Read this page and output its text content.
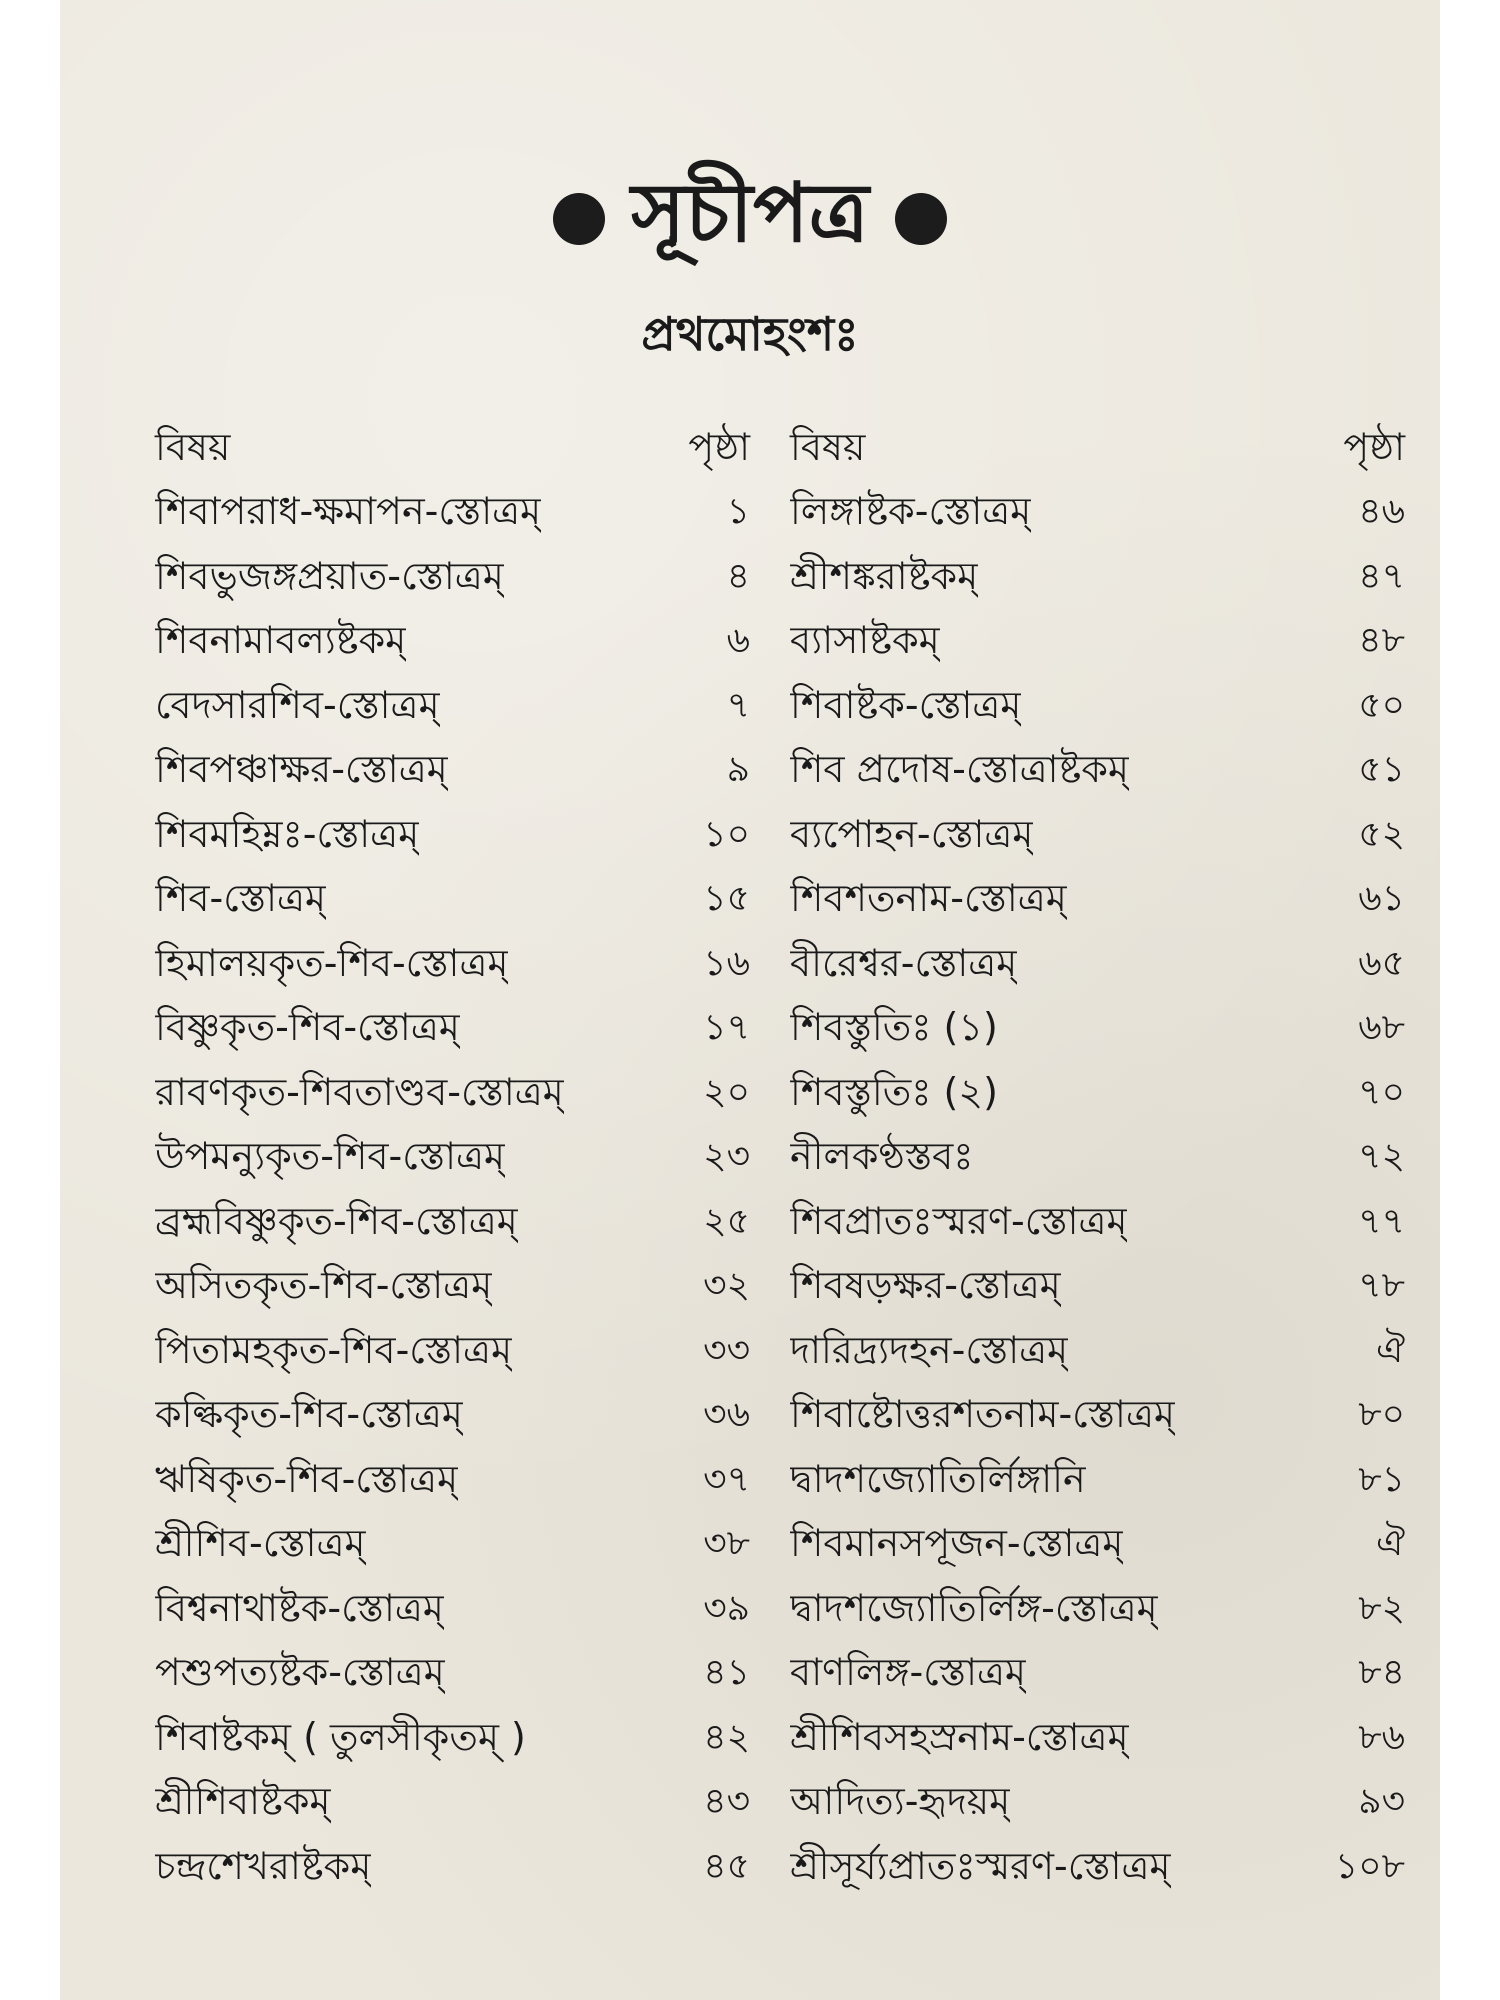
সূচীপত্র
প্রথমোহংশঃ
বিষয়	পৃষ্ঠা
শিবাপরাধ-ক্ষমাপন-স্তোত্রম্	১
শিবভুজঙ্গপ্রয়াত-স্তোত্রম্	৪
শিবনামাবল্যষ্টকম্	৬
বেদসারশিব-স্তোত্রম্	৭
শিবপঞ্চাক্ষর-স্তোত্রম্	৯
শিবমহিম্নঃ-স্তোত্রম্	১০
শিব-স্তোত্রম্	১৫
হিমালয়কৃত-শিব-স্তোত্রম্	১৬
বিষ্ণুকৃত-শিব-স্তোত্রম্	১৭
রাবণকৃত-শিবতাণ্ডব-স্তোত্রম্	২০
উপমন্যুকৃত-শিব-স্তোত্রম্	২৩
ব্রহ্মবিষ্ণুকৃত-শিব-স্তোত্রম্	২৫
অসিতকৃত-শিব-স্তোত্রম্	৩২
পিতামহকৃত-শিব-স্তোত্রম্	৩৩
কল্কিকৃত-শিব-স্তোত্রম্	৩৬
ঋষিকৃত-শিব-স্তোত্রম্	৩৭
শ্রীশিব-স্তোত্রম্	৩৮
বিশ্বনাথাষ্টক-স্তোত্রম্	৩৯
পশুপত্যষ্টক-স্তোত্রম্	৪১
শিবাষ্টকম্ ( তুলসীকৃতম্ )	৪২
শ্রীশিবাষ্টকম্	৪৩
চন্দ্রশেখরাষ্টকম্	৪৫
বিষয়	পৃষ্ঠা
লিঙ্গাষ্টক-স্তোত্রম্	৪৬
শ্রীশঙ্করাষ্টকম্	৪৭
ব্যাসাষ্টকম্	৪৮
শিবাষ্টক-স্তোত্রম্	৫০
শিব প্রদোষ-স্তোত্রাষ্টকম্	৫১
ব্যপোহন-স্তোত্রম্	৫২
শিবশতনাম-স্তোত্রম্	৬১
বীরেশ্বর-স্তোত্রম্	৬৫
শিবস্তুতিঃ (১)	৬৮
শিবস্তুতিঃ (২)	৭০
নীলকণ্ঠস্তবঃ	৭২
শিবপ্রাতঃস্মরণ-স্তোত্রম্	৭৭
শিবষড়ক্ষর-স্তোত্রম্	৭৮
দারিদ্র্যদহন-স্তোত্রম্	ঐ
শিবাষ্টোত্তরশতনাম-স্তোত্রম্	৮০
দ্বাদশজ্যোতির্লিঙ্গানি	৮১
শিবমানসপূজন-স্তোত্রম্	ঐ
দ্বাদশজ্যোতির্লিঙ্গ-স্তোত্রম্	৮২
বাণলিঙ্গ-স্তোত্রম্	৮৪
শ্রীশিবসহস্রনাম-স্তোত্রম্	৮৬
আদিত্য-হৃদয়ম্	৯৩
শ্রীসূর্য্যপ্রাতঃস্মরণ-স্তোত্রম্	১০৮
